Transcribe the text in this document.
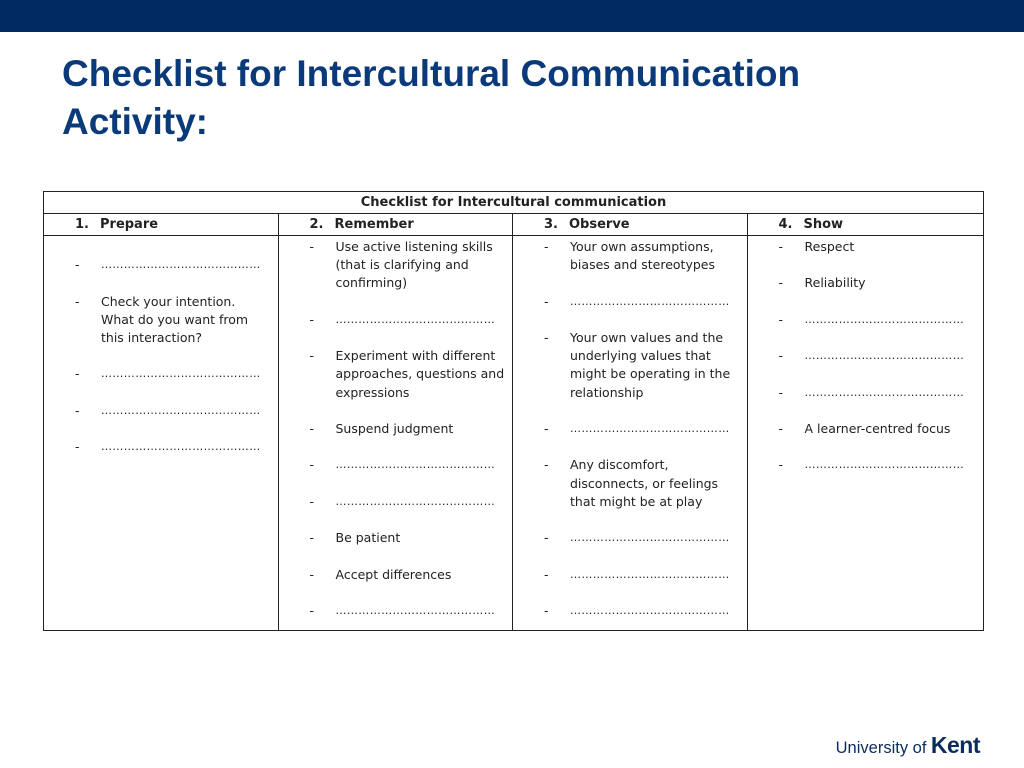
Checklist for Intercultural Communication
Activity:
Checklist for Intercultural communication
1. Prepare
- ……………………………………
- Check your intention. What do you want from this interaction?
- ……………………………………
- ……………………………………
- ……………………………………
2. Remember
- Use active listening skills (that is clarifying and confirming)
- ……………………………………
- Experiment with different approaches, questions and expressions
- Suspend judgment
- ……………………………………
- ……………………………………
- Be patient
- Accept differences
- ……………………………………
3. Observe
- Your own assumptions, biases and stereotypes
- ……………………………………
- Your own values and the underlying values that might be operating in the relationship
- ……………………………………
- Any discomfort, disconnects, or feelings that might be at play
- ……………………………………
- ……………………………………
- ……………………………………
4. Show
- Respect
- Reliability
- ……………………………………
- ……………………………………
- ……………………………………
- A learner-centred focus
- ……………………………………
University of Kent
